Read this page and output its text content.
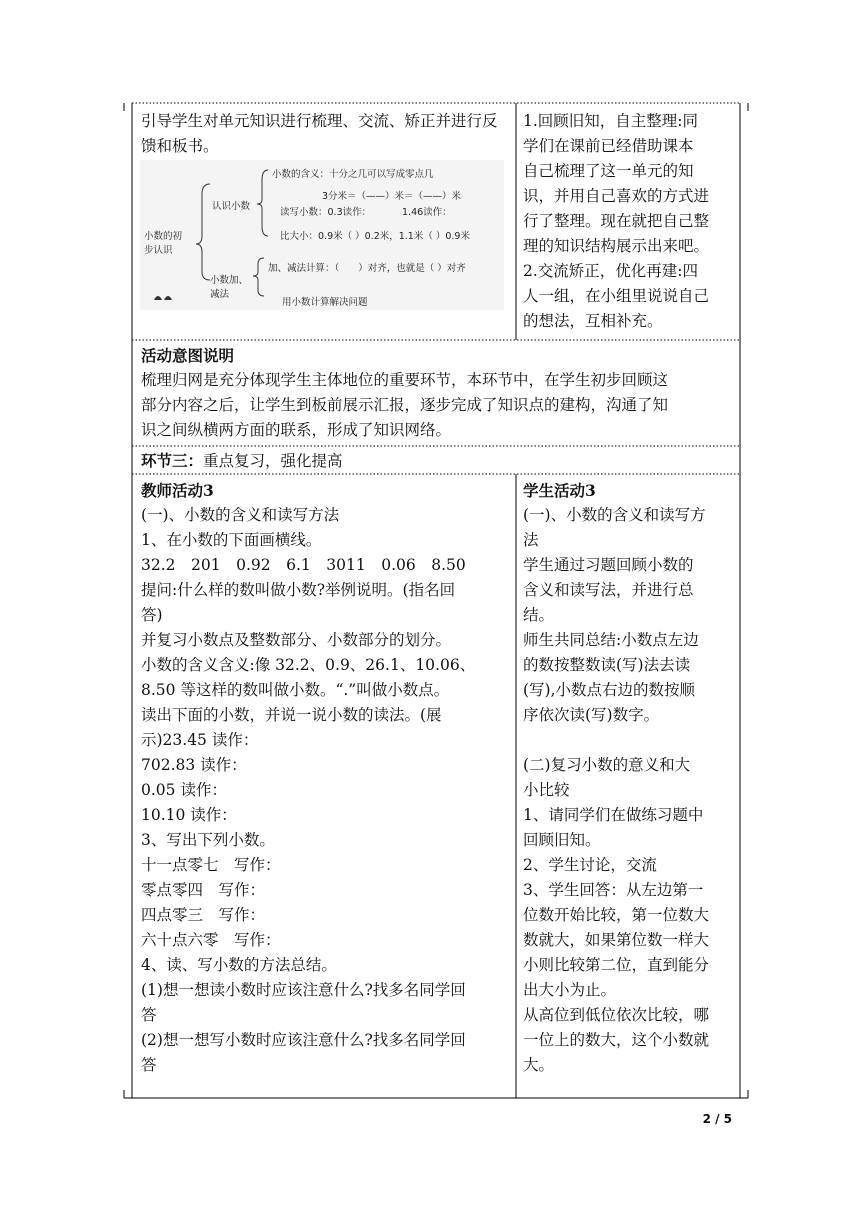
引导学生对单元知识进行梳理、交流、矫正并进行反馈和板书。

小数的初
步认识
认识小数
小数的含义：十分之几可以写成零点几
3分米＝（——）米＝（——）米
读写小数：0.3读作：	1.46读作：
比大小：0.9米（ ）0.2米，1.1米（ ）0.9米
小数加、
减法
加、减法计算：（　　）对齐，也就是（ ）对齐
用小数计算解决问题

1.回顾旧知，自主整理:同

学们在课前已经借助课本

自己梳理了这一单元的知

识，并用自己喜欢的方式进

行了整理。现在就把自己整

理的知识结构展示出来吧。

2.交流矫正，优化再建:四

人一组，在小组里说说自己

的想法，互相补充。

活动意图说明

梳理归网是充分体现学生主体地位的重要环节，本环节中，在学生初步回顾这

部分内容之后，让学生到板前展示汇报，逐步完成了知识点的建构，沟通了知

识之间纵横两方面的联系，形成了知识网络。

环节三：重点复习，强化提高

教师活动3

(一)、小数的含义和读写方法

1、在小数的下面画横线。

32.2　201　0.92　6.1　3011　0.06　8.50

提问:什么样的数叫做小数?举例说明。(指名回

答)

并复习小数点及整数部分、小数部分的划分。

小数的含义含义:像 32.2、0.9、26.1、10.06、

8.50 等这样的数叫做小数。“.”叫做小数点。

读出下面的小数，并说一说小数的读法。(展

示)23.45 读作：

702.83 读作：

0.05 读作：

10.10 读作：

3、写出下列小数。

十一点零七　写作：

零点零四　写作：

四点零三　写作：

六十点六零　写作：

4、读、写小数的方法总结。

(1)想一想读小数时应该注意什么?找多名同学回

答

(2)想一想写小数时应该注意什么?找多名同学回

答

学生活动3

(一)、小数的含义和读写方

法

学生通过习题回顾小数的

含义和读写法，并进行总

结。

师生共同总结:小数点左边

的数按整数读(写)法去读

(写),小数点右边的数按顺

序依次读(写)数字。

(二)复习小数的意义和大

小比较

1、请同学们在做练习题中

回顾旧知。

2、学生讨论，交流

3、学生回答：从左边第一

位数开始比较，第一位数大

数就大，如果第位数一样大

小则比较第二位，直到能分

出大小为止。

从高位到低位依次比较，哪

一位上的数大，这个小数就

大。

2 / 5
